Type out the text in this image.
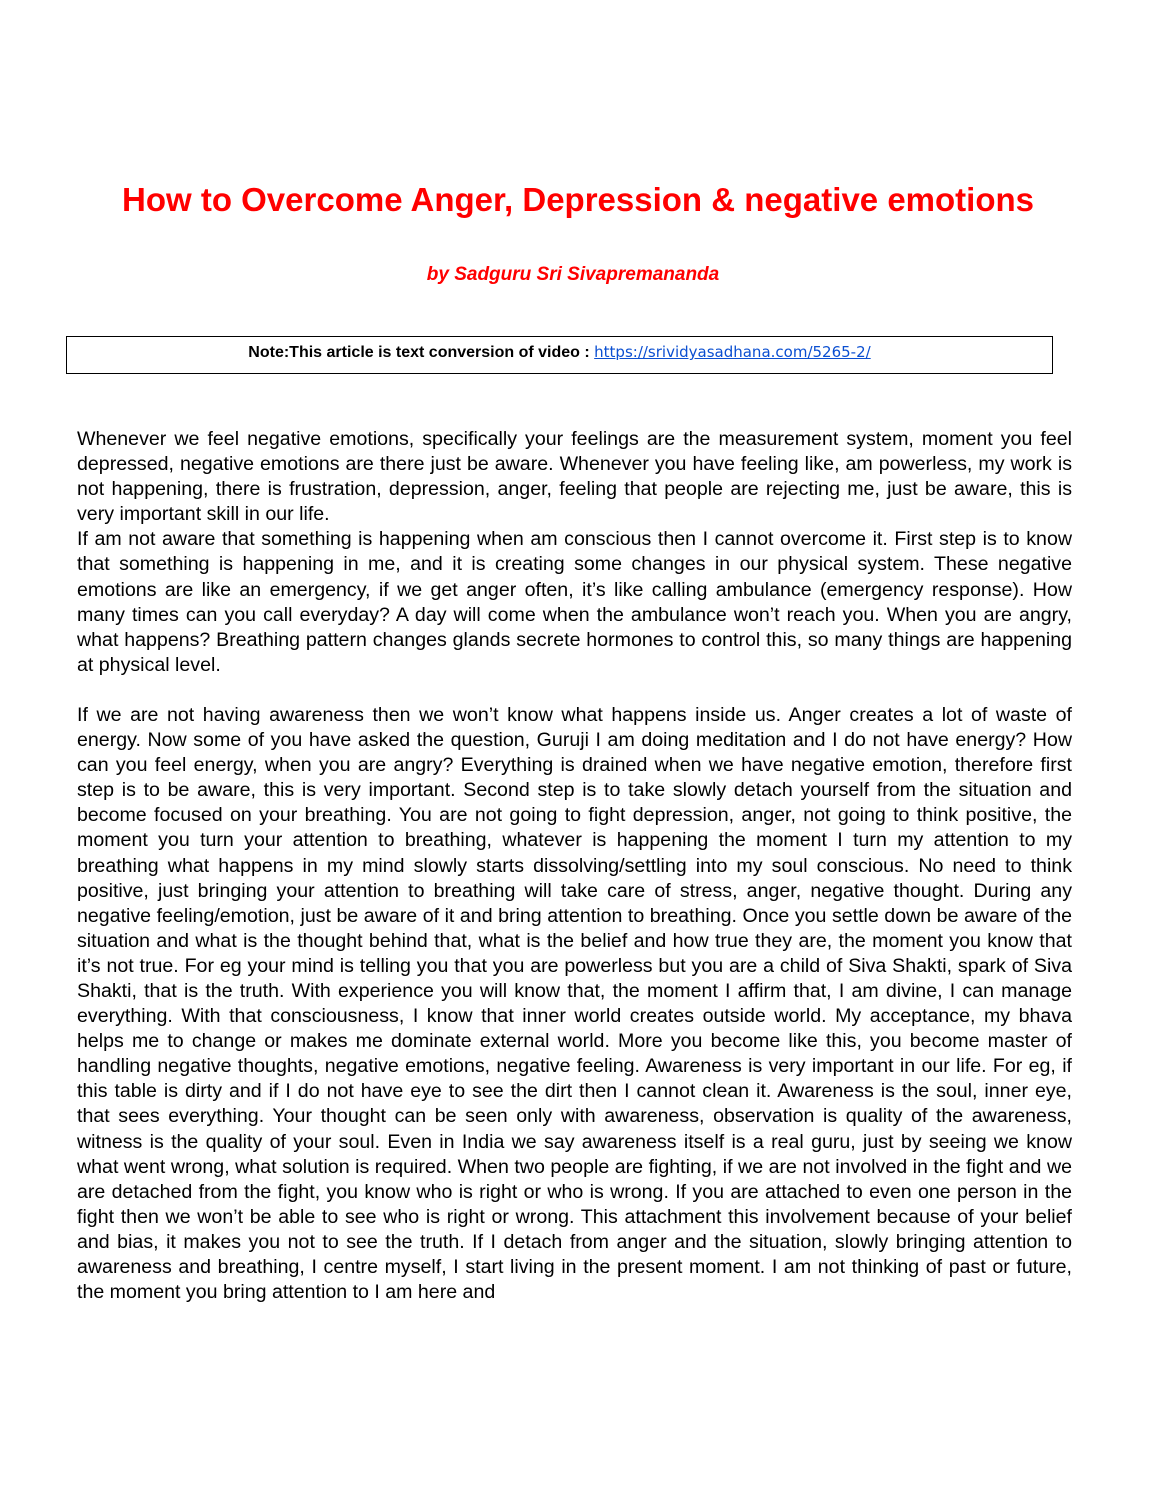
How to Overcome Anger, Depression & negative emotions
by Sadguru Sri Sivapremananda
Note:This article is text conversion of video : https://srividyasadhana.com/5265-2/

Whenever we feel negative emotions, specifically your feelings are the measurement system, moment you feel depressed, negative emotions are there just be aware. Whenever you have feeling like, am powerless, my work is not happening, there is frustration, depression, anger, feeling that people are rejecting me, just be aware, this is very important skill in our life.

If am not aware that something is happening when am conscious then I cannot overcome it. First step is to know that something is happening in me, and it is creating some changes in our physical system. These negative emotions are like an emergency, if we get anger often, it’s like calling ambulance (emergency response). How many times can you call everyday? A day will come when the ambulance won’t reach you. When you are angry, what happens? Breathing pattern changes glands secrete hormones to control this, so many things are happening at physical level.

If we are not having awareness then we won’t know what happens inside us. Anger creates a lot of waste of energy. Now some of you have asked the question, Guruji I am doing meditation and I do not have energy? How can you feel energy, when you are angry? Everything is drained when we have negative emotion, therefore first step is to be aware, this is very important. Second step is to take slowly detach yourself from the situation and become focused on your breathing. You are not going to fight depression, anger, not going to think positive, the moment you turn your attention to breathing, whatever is happening the moment I turn my attention to my breathing what happens in my mind slowly starts dissolving/settling into my soul conscious. No need to think positive, just bringing your attention to breathing will take care of stress, anger, negative thought. During any negative feeling/emotion, just be aware of it and bring attention to breathing. Once you settle down be aware of the situation and what is the thought behind that, what is the belief and how true they are, the moment you know that it’s not true. For eg your mind is telling you that you are powerless but you are a child of Siva Shakti, spark of Siva Shakti, that is the truth. With experience you will know that, the moment I affirm that, I am divine, I can manage everything. With that consciousness, I know that inner world creates outside world. My acceptance, my bhava helps me to change or makes me dominate external world. More you become like this, you become master of handling negative thoughts, negative emotions, negative feeling. Awareness is very important in our life. For eg, if this table is dirty and if I do not have eye to see the dirt then I cannot clean it. Awareness is the soul, inner eye, that sees everything. Your thought can be seen only with awareness, observation is quality of the awareness, witness is the quality of your soul. Even in India we say awareness itself is a real guru, just by seeing we know what went wrong, what solution is required. When two people are fighting, if we are not involved in the fight and we are detached from the fight, you know who is right or who is wrong. If you are attached to even one person in the fight then we won’t be able to see who is right or wrong. This attachment this involvement because of your belief and bias, it makes you not to see the truth. If I detach from anger and the situation, slowly bringing attention to awareness and breathing, I centre myself, I start living in the present moment. I am not thinking of past or future, the moment you bring attention to I am here and
